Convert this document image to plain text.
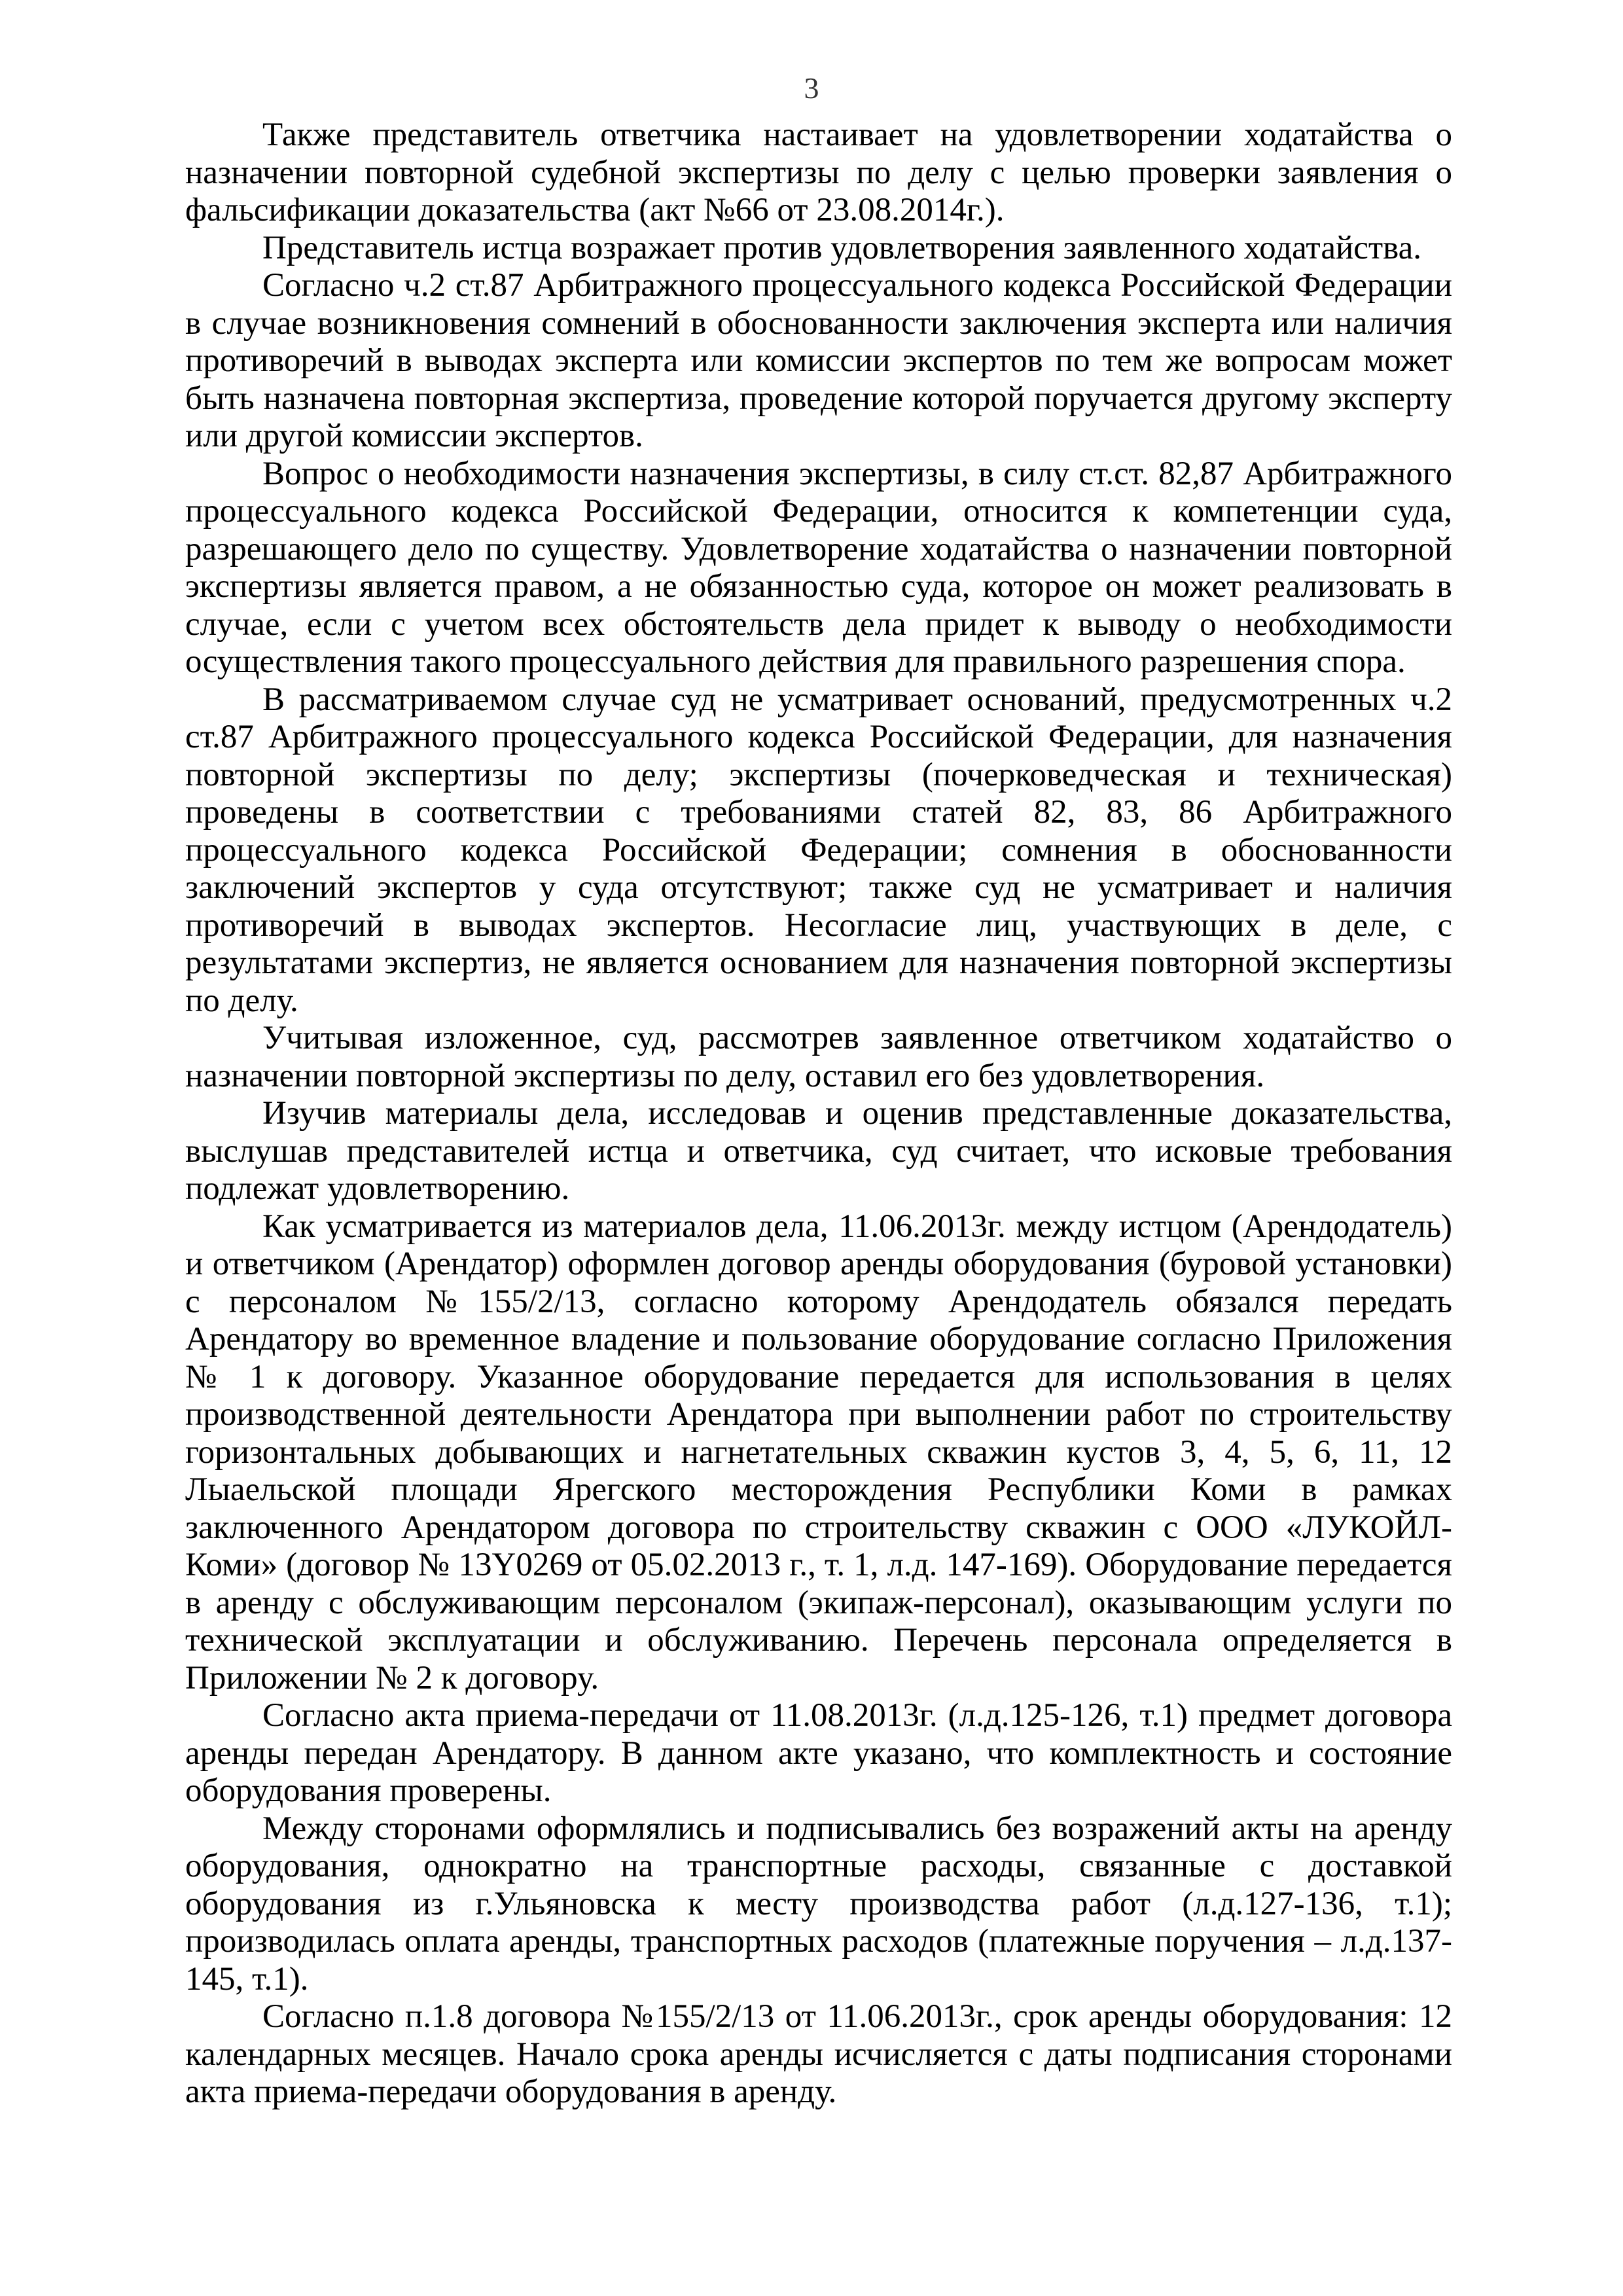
3

Также представитель ответчика настаивает на удовлетворении ходатайства о назначении повторной судебной экспертизы по делу с целью проверки заявления о фальсификации доказательства (акт №66 от 23.08.2014г.).

Представитель истца возражает против удовлетворения заявленного ходатайства.

Согласно ч.2 ст.87 Арбитражного процессуального кодекса Российской Федерации в случае возникновения сомнений в обоснованности заключения эксперта или наличия противоречий в выводах эксперта или комиссии экспертов по тем же вопросам может быть назначена повторная экспертиза, проведение которой поручается другому эксперту или другой комиссии экспертов.

Вопрос о необходимости назначения экспертизы, в силу ст.ст. 82,87 Арбитражного процессуального кодекса Российской Федерации, относится к компетенции суда, разрешающего дело по существу. Удовлетворение ходатайства о назначении повторной экспертизы является правом, а не обязанностью суда, которое он может реализовать в случае, если с учетом всех обстоятельств дела придет к выводу о необходимости осуществления такого процессуального действия для правильного разрешения спора.

В рассматриваемом случае суд не усматривает оснований, предусмотренных ч.2 ст.87 Арбитражного процессуального кодекса Российской Федерации, для назначения повторной экспертизы по делу; экспертизы (почерковедческая и техническая) проведены в соответствии с требованиями статей 82, 83, 86 Арбитражного процессуального кодекса Российской Федерации; сомнения в обоснованности заключений экспертов у суда отсутствуют; также суд не усматривает и наличия противоречий в выводах экспертов. Несогласие лиц, участвующих в деле, с результатами экспертиз, не является основанием для назначения повторной экспертизы по делу.

Учитывая изложенное, суд, рассмотрев заявленное ответчиком ходатайство о назначении повторной экспертизы по делу, оставил его без удовлетворения.

Изучив материалы дела, исследовав и оценив представленные доказательства, выслушав представителей истца и ответчика, суд считает, что исковые требования подлежат удовлетворению.

Как усматривается из материалов дела, 11.06.2013г. между истцом (Арендодатель) и ответчиком (Арендатор) оформлен договор аренды оборудования (буровой установки) с персоналом №155/2/13, согласно которому Арендодатель обязался передать Арендатору во временное владение и пользование оборудование согласно Приложения № 1 к договору. Указанное оборудование передается для использования в целях производственной деятельности Арендатора при выполнении работ по строительству горизонтальных добывающих и нагнетательных скважин кустов 3, 4, 5, 6, 11, 12 Лыаельской площади Ярегского месторождения Республики Коми в рамках заключенного Арендатором договора по строительству скважин с ООО «ЛУКОЙЛ-Коми» (договор № 13Y0269 от 05.02.2013 г., т. 1, л.д. 147-169). Оборудование передается в аренду с обслуживающим персоналом (экипаж-персонал), оказывающим услуги по технической эксплуатации и обслуживанию. Перечень персонала определяется в Приложении № 2 к договору.

Согласно акта приема-передачи от 11.08.2013г. (л.д.125-126, т.1) предмет договора аренды передан Арендатору. В данном акте указано, что комплектность и состояние оборудования проверены.

Между сторонами оформлялись и подписывались без возражений акты на аренду оборудования, однократно на транспортные расходы, связанные с доставкой оборудования из г.Ульяновска к месту производства работ (л.д.127-136, т.1); производилась оплата аренды, транспортных расходов (платежные поручения – л.д.137-145, т.1).

Согласно п.1.8 договора №155/2/13 от 11.06.2013г., срок аренды оборудования: 12 календарных месяцев. Начало срока аренды исчисляется с даты подписания сторонами акта приема-передачи оборудования в аренду.
